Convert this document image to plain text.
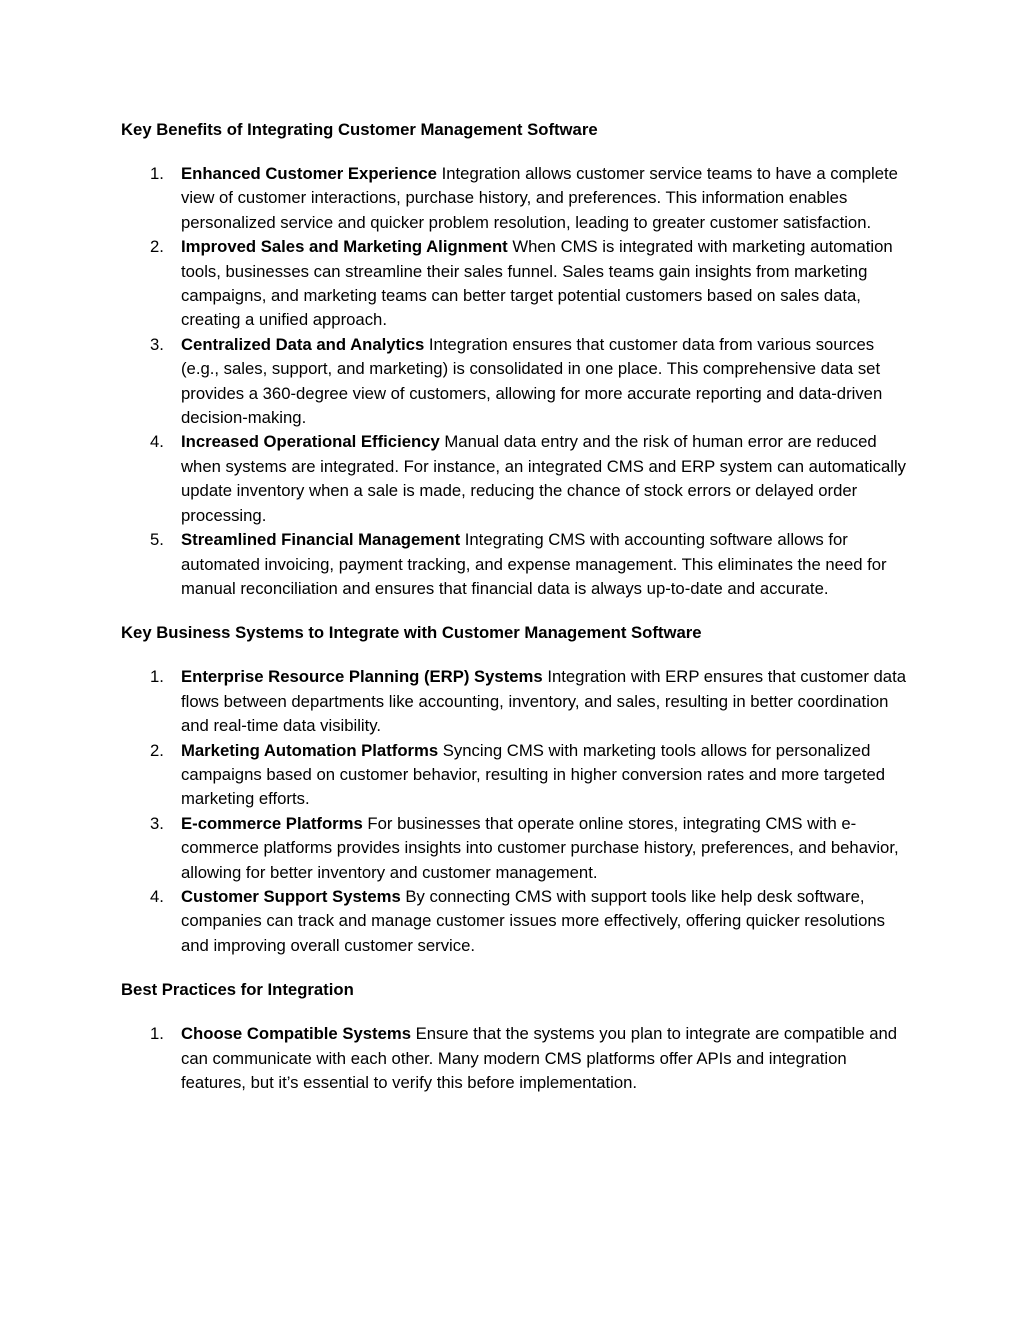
Key Benefits of Integrating Customer Management Software
1. Enhanced Customer Experience Integration allows customer service teams to have a complete view of customer interactions, purchase history, and preferences. This information enables personalized service and quicker problem resolution, leading to greater customer satisfaction.
2. Improved Sales and Marketing Alignment When CMS is integrated with marketing automation tools, businesses can streamline their sales funnel. Sales teams gain insights from marketing campaigns, and marketing teams can better target potential customers based on sales data, creating a unified approach.
3. Centralized Data and Analytics Integration ensures that customer data from various sources (e.g., sales, support, and marketing) is consolidated in one place. This comprehensive data set provides a 360-degree view of customers, allowing for more accurate reporting and data-driven decision-making.
4. Increased Operational Efficiency Manual data entry and the risk of human error are reduced when systems are integrated. For instance, an integrated CMS and ERP system can automatically update inventory when a sale is made, reducing the chance of stock errors or delayed order processing.
5. Streamlined Financial Management Integrating CMS with accounting software allows for automated invoicing, payment tracking, and expense management. This eliminates the need for manual reconciliation and ensures that financial data is always up-to-date and accurate.
Key Business Systems to Integrate with Customer Management Software
1. Enterprise Resource Planning (ERP) Systems Integration with ERP ensures that customer data flows between departments like accounting, inventory, and sales, resulting in better coordination and real-time data visibility.
2. Marketing Automation Platforms Syncing CMS with marketing tools allows for personalized campaigns based on customer behavior, resulting in higher conversion rates and more targeted marketing efforts.
3. E-commerce Platforms For businesses that operate online stores, integrating CMS with e-commerce platforms provides insights into customer purchase history, preferences, and behavior, allowing for better inventory and customer management.
4. Customer Support Systems By connecting CMS with support tools like help desk software, companies can track and manage customer issues more effectively, offering quicker resolutions and improving overall customer service.
Best Practices for Integration
1. Choose Compatible Systems Ensure that the systems you plan to integrate are compatible and can communicate with each other. Many modern CMS platforms offer APIs and integration features, but it’s essential to verify this before implementation.
